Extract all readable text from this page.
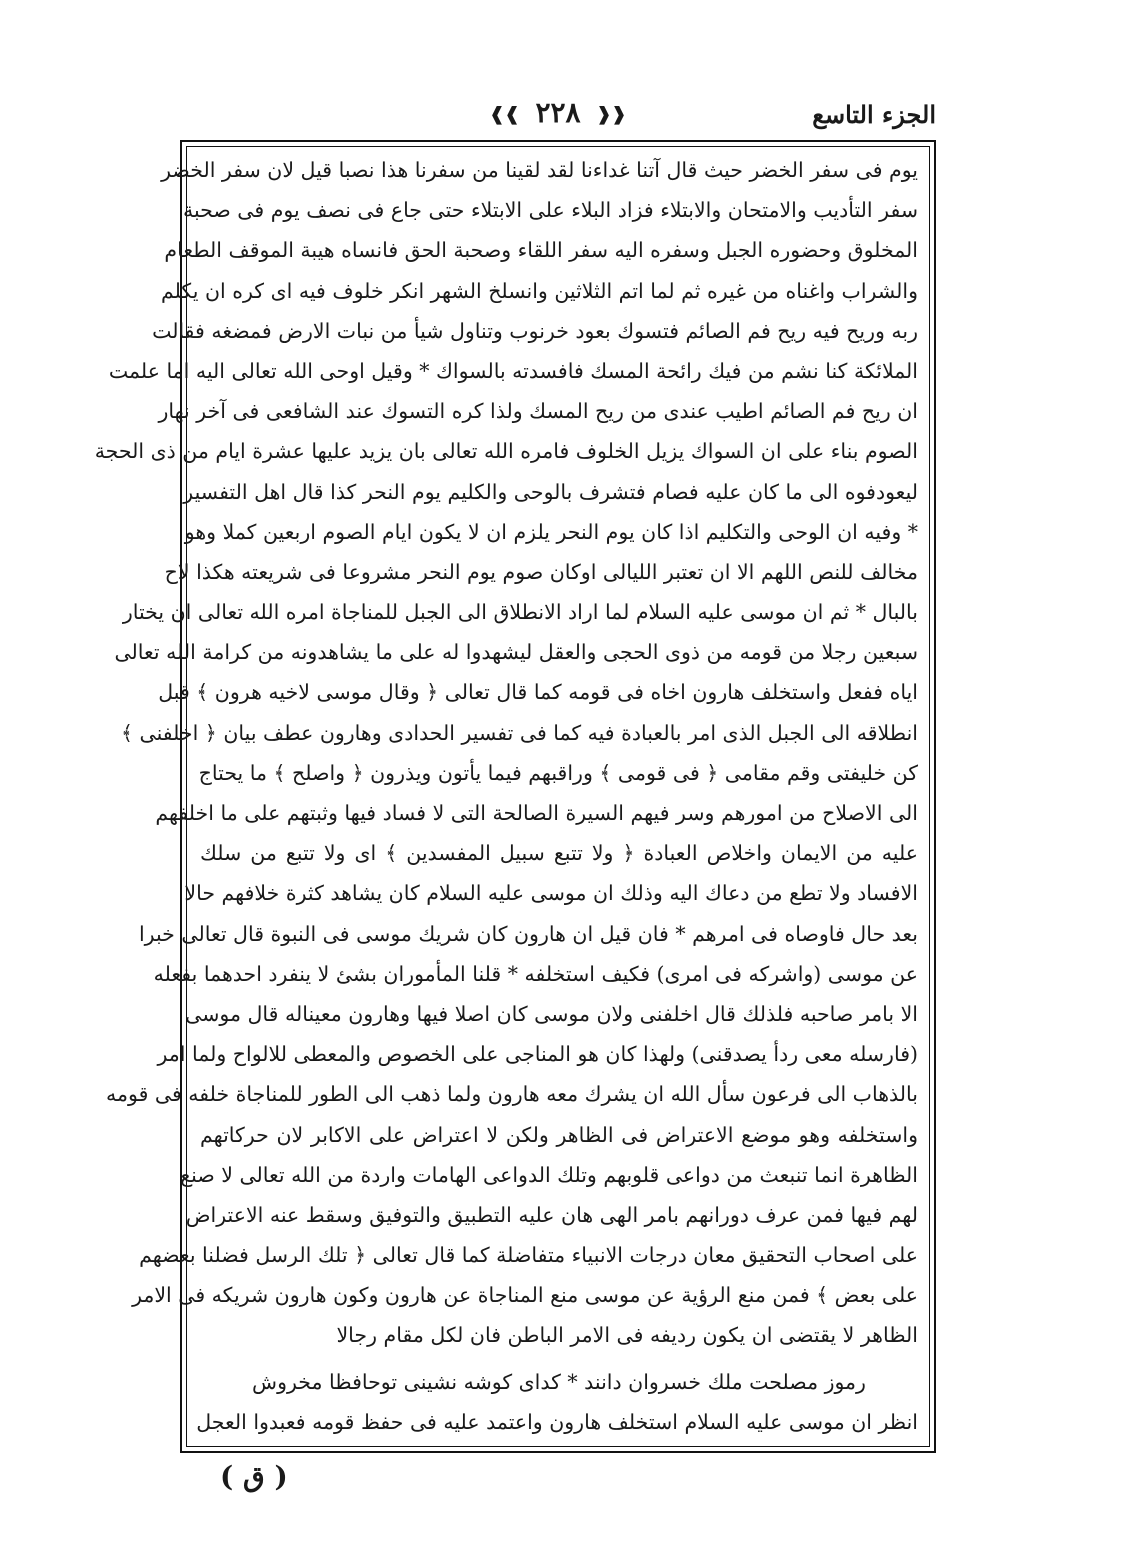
الجزء التاسع
❰❰ ٢٢٨ ❱❱
يوم فى سفر الخضر حيث قال آتنا غداءنا لقد لقينا من سفرنا هذا نصبا قيل لان سفر الخضر
سفر التأديب والامتحان والابتلاء فزاد البلاء على الابتلاء حتى جاع فى نصف يوم فى صحبة
المخلوق وحضوره الجبل وسفره اليه سفر اللقاء وصحبة الحق فانساه هيبة الموقف الطعام
والشراب واغناه من غيره ثم لما اتم الثلاثين وانسلخ الشهر انكر خلوف فيه اى كره ان يكلم
ربه وريح فيه ريح فم الصائم فتسوك بعود خرنوب وتناول شيأ من نبات الارض فمضغه فقالت
الملائكة كنا نشم من فيك رائحة المسك فافسدته بالسواك * وقيل اوحى الله تعالى اليه اما علمت
ان ريح فم الصائم اطيب عندى من ريح المسك ولذا كره التسوك عند الشافعى فى آخر نهار
الصوم بناء على ان السواك يزيل الخلوف فامره الله تعالى بان يزيد عليها عشرة ايام من ذى الحجة
ليعودفوه الى ما كان عليه فصام فتشرف بالوحى والكليم يوم النحر كذا قال اهل التفسير
* وفيه ان الوحى والتكليم اذا كان يوم النحر يلزم ان لا يكون ايام الصوم اربعين كملا وهو
مخالف للنص اللهم الا ان تعتبر الليالى اوكان صوم يوم النحر مشروعا فى شريعته هكذا لاح
بالبال * ثم ان موسى عليه السلام لما اراد الانطلاق الى الجبل للمناجاة امره الله تعالى ان يختار
سبعين رجلا من قومه من ذوى الحجى والعقل ليشهدوا له على ما يشاهدونه من كرامة الله تعالى
اياه ففعل واستخلف هارون اخاه فى قومه كما قال تعالى ﴿ وقال موسى لاخيه هرون ﴾ قبل
انطلاقه الى الجبل الذى امر بالعبادة فيه كما فى تفسير الحدادى وهارون عطف بيان ﴿ اخلفنى ﴾
كن خليفتى وقم مقامى ﴿ فى قومى ﴾ وراقبهم فيما يأتون ويذرون ﴿ واصلح ﴾ ما يحتاج
الى الاصلاح من امورهم وسر فيهم السيرة الصالحة التى لا فساد فيها وثبتهم على ما اخلفهم
عليه من الايمان واخلاص العبادة ﴿ ولا تتبع سبيل المفسدين ﴾ اى ولا تتبع من سلك
الافساد ولا تطع من دعاك اليه وذلك ان موسى عليه السلام كان يشاهد كثرة خلافهم حالا
بعد حال فاوصاه فى امرهم * فان قيل ان هارون كان شريك موسى فى النبوة قال تعالى خبرا
عن موسى (واشركه فى امرى) فكيف استخلفه * قلنا المأموران بشئ لا ينفرد احدهما بفعله
الا بامر صاحبه فلذلك قال اخلفنى ولان موسى كان اصلا فيها وهارون معيناله قال موسى
(فارسله معى ردأ يصدقنى) ولهذا كان هو المناجى على الخصوص والمعطى للالواح ولما امر
بالذهاب الى فرعون سأل الله ان يشرك معه هارون ولما ذهب الى الطور للمناجاة خلفه فى قومه
واستخلفه وهو موضع الاعتراض فى الظاهر ولكن لا اعتراض على الاكابر لان حركاتهم
الظاهرة انما تنبعث من دواعى قلوبهم وتلك الدواعى الهامات واردة من الله تعالى لا صنع
لهم فيها فمن عرف دورانهم بامر الهى هان عليه التطبيق والتوفيق وسقط عنه الاعتراض
على اصحاب التحقيق معان درجات الانبياء متفاضلة كما قال تعالى ﴿ تلك الرسل فضلنا بعضهم
على بعض ﴾ فمن منع الرؤية عن موسى منع المناجاة عن هارون وكون هارون شريكه فى الامر
الظاهر لا يقتضى ان يكون رديفه فى الامر الباطن فان لكل مقام رجالا
رموز مصلحت ملك خسروان دانند * كداى كوشه نشينى توحافظا مخروش
انظر ان موسى عليه السلام استخلف هارون واعتمد عليه فى حفظ قومه فعبدوا العجل
( ق )
